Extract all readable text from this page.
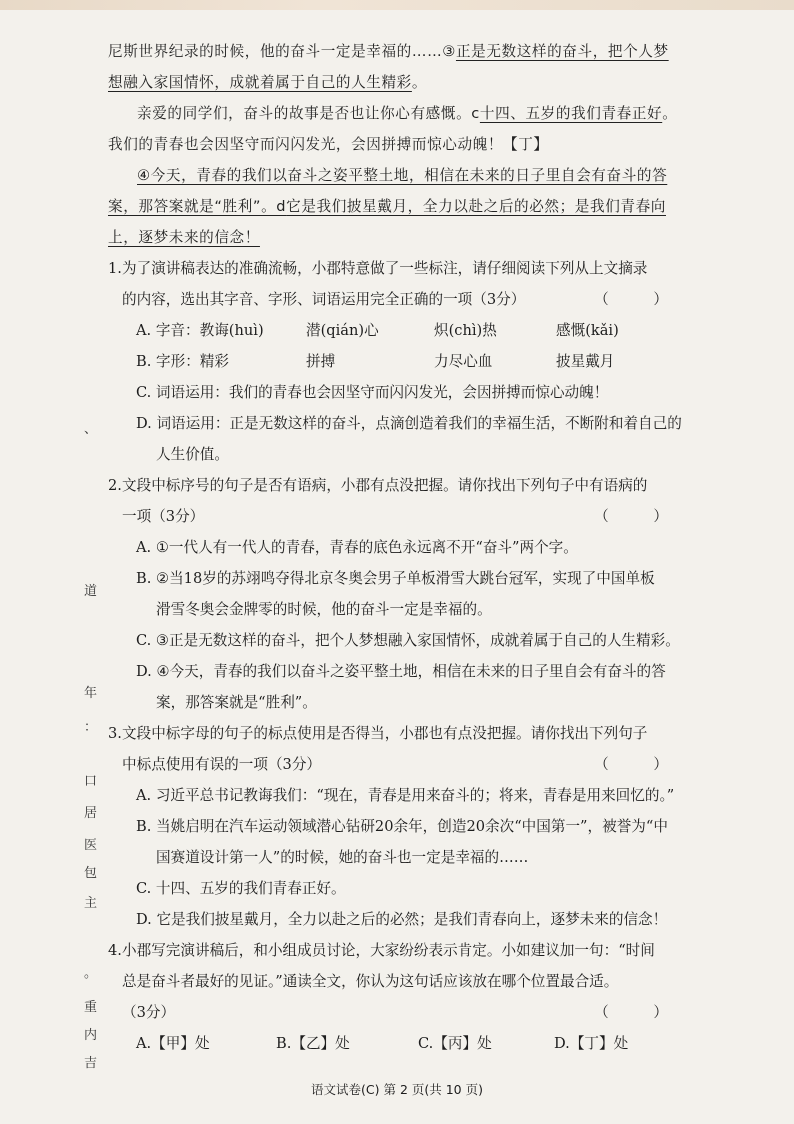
、
道
年
：
口
居
医
包
主
。
重
内
吉

尼斯世界纪录的时候，他的奋斗一定是幸福的……③正是无数这样的奋斗，把个人梦

想融入家国情怀，成就着属于自己的人生精彩。

亲爱的同学们，奋斗的故事是否也让你心有感慨。c十四、五岁的我们青春正好。

我们的青春也会因坚守而闪闪发光，会因拼搏而惊心动魄！【丁】

④今天，青春的我们以奋斗之姿平整土地，相信在未来的日子里自会有奋斗的答

案，那答案就是“胜利”。d它是我们披星戴月，全力以赴之后的必然；是我们青春向

上，逐梦未来的信念！

1. 为了演讲稿表达的准确流畅，小郡特意做了一些标注，请仔细阅读下列从上文摘录
的内容，选出其字音、字形、词语运用完全正确的一项（3分）	（ ）
A. 字音：教诲(huì)	潜(qián)心	炽(chì)热	感慨(kǎi)
B. 字形：精彩	拼搏	力尽心血	披星戴月
C. 词语运用：我们的青春也会因坚守而闪闪发光，会因拼搏而惊心动魄！
D. 词语运用：正是无数这样的奋斗，点滴创造着我们的幸福生活，不断附和着自己的
人生价值。
2. 文段中标序号的句子是否有语病，小郡有点没把握。请你找出下列句子中有语病的
一项（3分）	（ ）
A. ①一代人有一代人的青春，青春的底色永远离不开“奋斗”两个字。
B. ②当18岁的苏翊鸣夺得北京冬奥会男子单板滑雪大跳台冠军，实现了中国单板
滑雪冬奥会金牌零的时候，他的奋斗一定是幸福的。
C. ③正是无数这样的奋斗，把个人梦想融入家国情怀，成就着属于自己的人生精彩。
D. ④今天，青春的我们以奋斗之姿平整土地，相信在未来的日子里自会有奋斗的答
案，那答案就是“胜利”。
3. 文段中标字母的句子的标点使用是否得当，小郡也有点没把握。请你找出下列句子
中标点使用有误的一项（3分）	（ ）
A. 习近平总书记教诲我们：“现在，青春是用来奋斗的；将来，青春是用来回忆的。”
B. 当姚启明在汽车运动领域潜心钻研20余年，创造20余次“中国第一”，被誉为“中
国赛道设计第一人”的时候，她的奋斗也一定是幸福的……
C. 十四、五岁的我们青春正好。
D. 它是我们披星戴月，全力以赴之后的必然；是我们青春向上，逐梦未来的信念！
4. 小郡写完演讲稿后，和小组成员讨论，大家纷纷表示肯定。小如建议加一句：“时间
总是奋斗者最好的见证。”通读全文，你认为这句话应该放在哪个位置最合适。
（3分）	（ ）
A.【甲】处	B.【乙】处	C.【丙】处	D.【丁】处
语文试卷(C) 第 2 页(共 10 页)
